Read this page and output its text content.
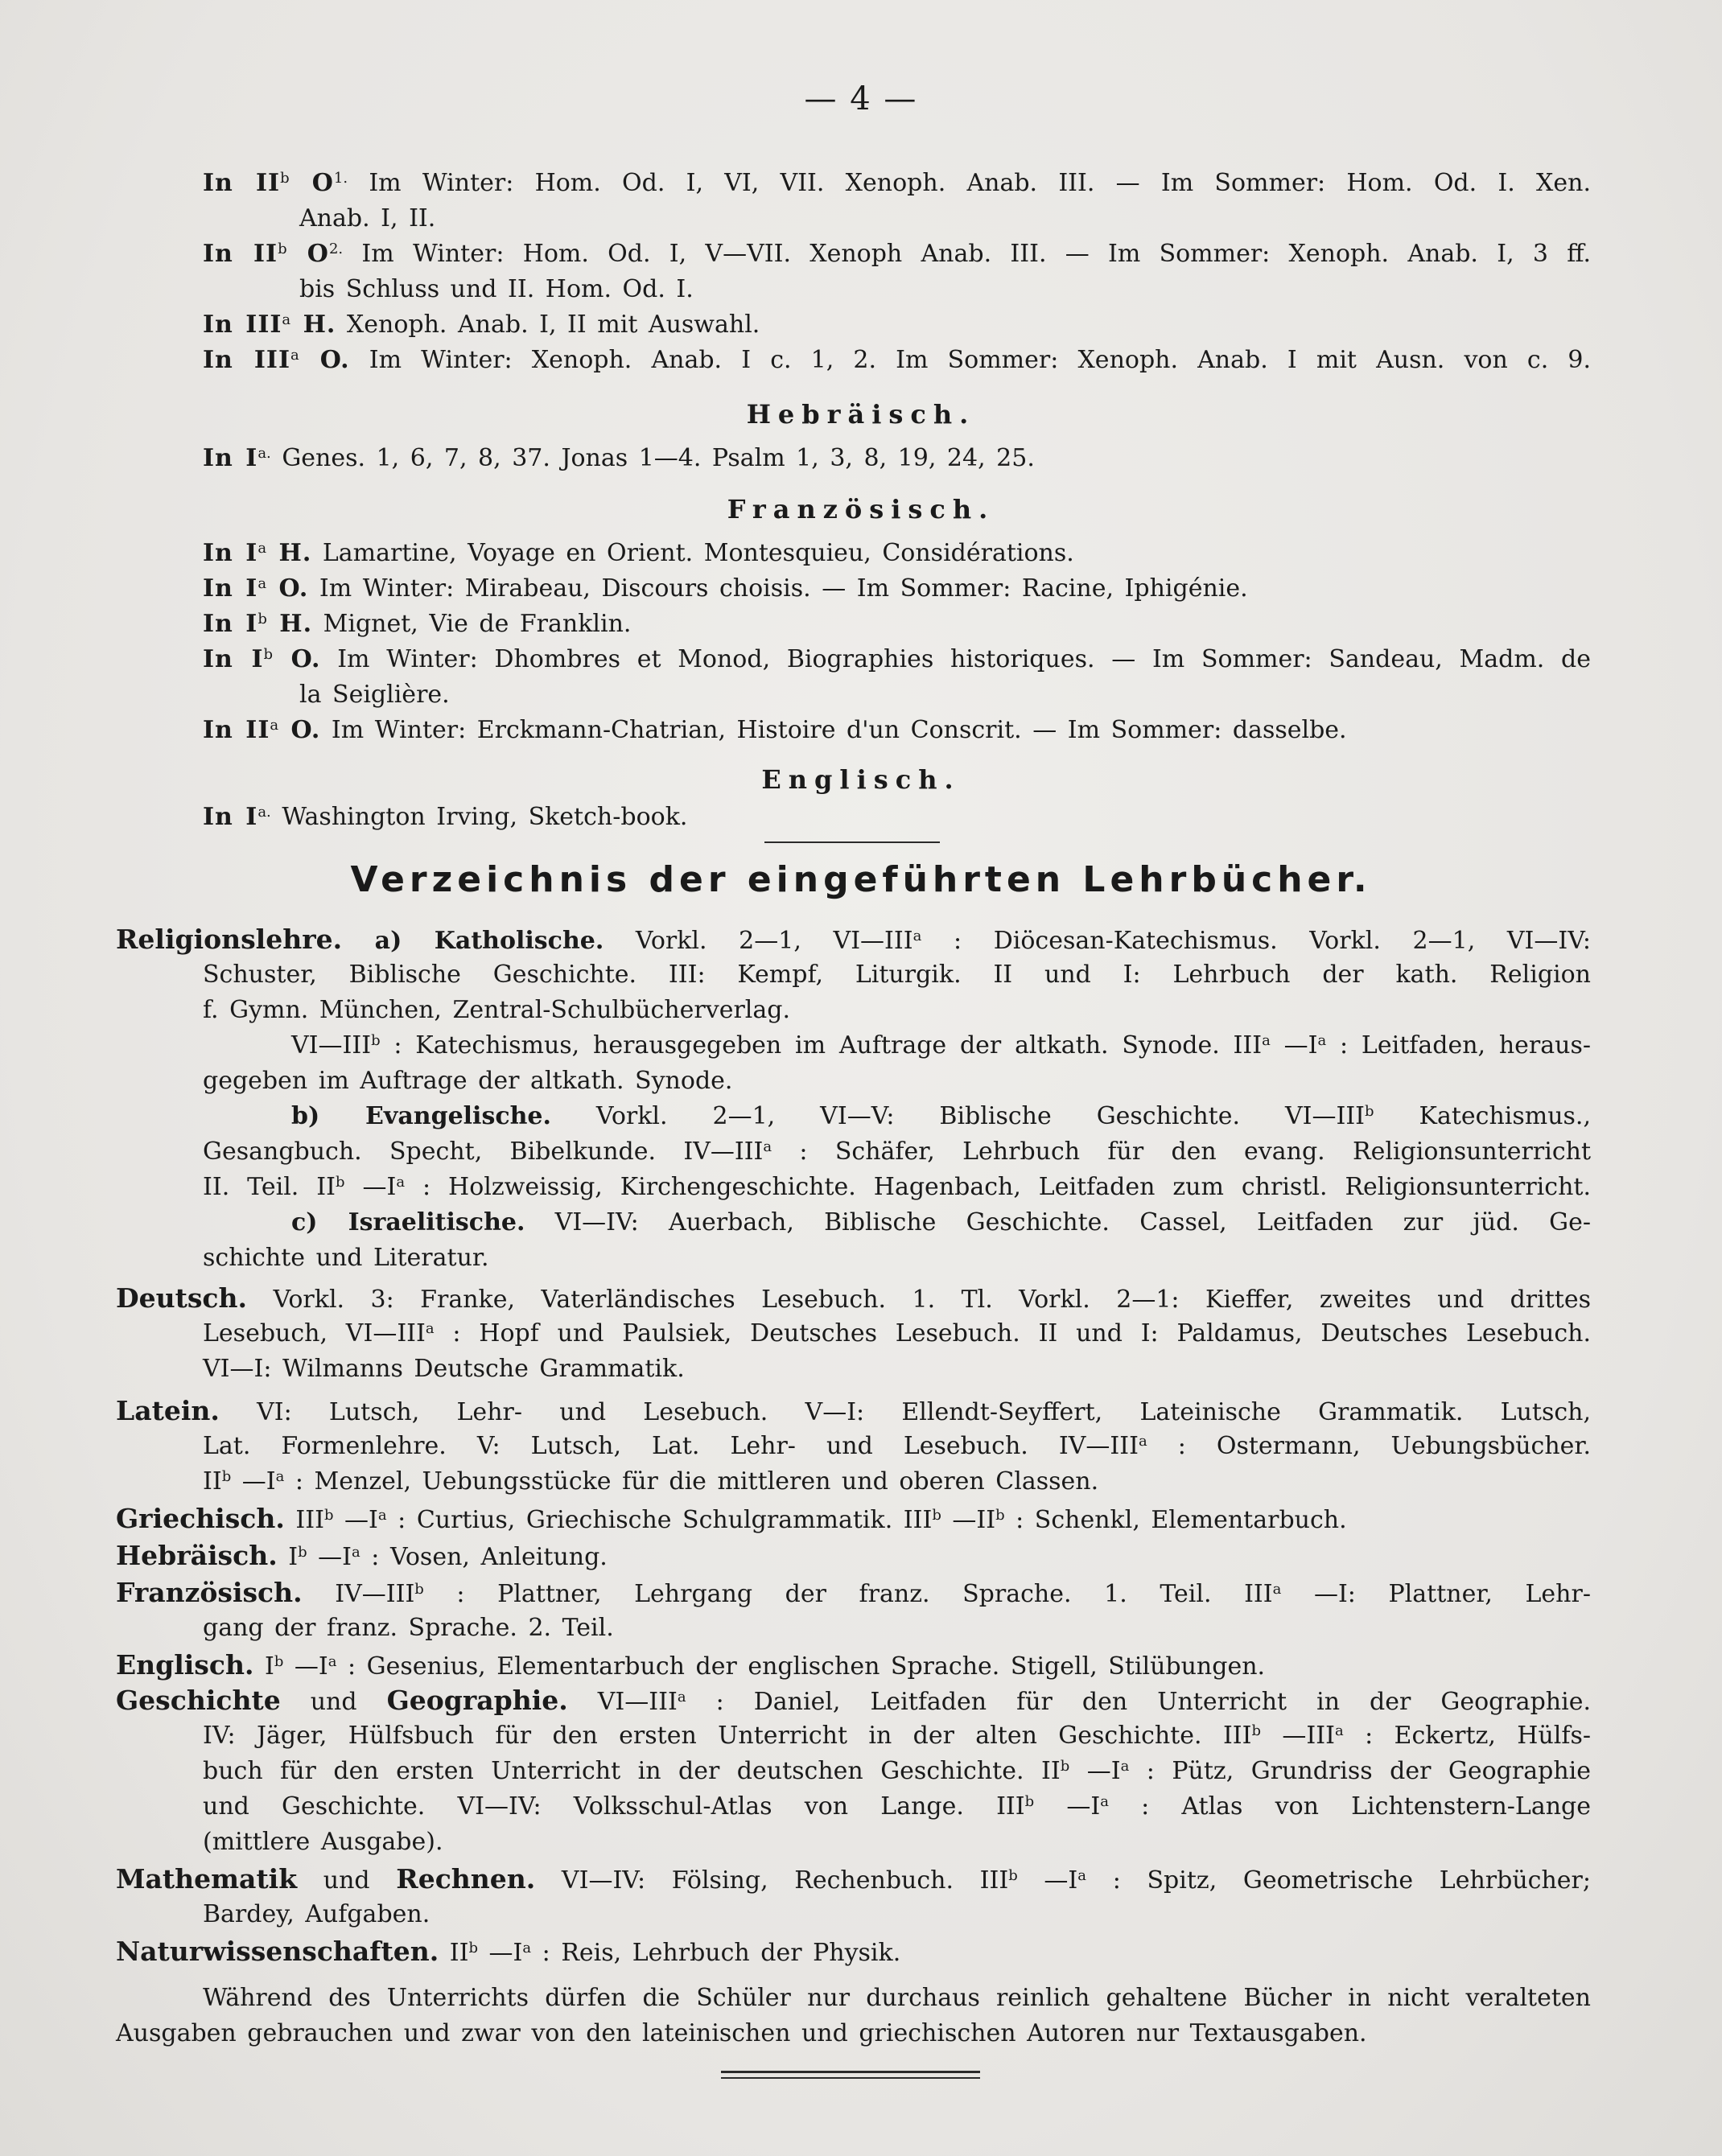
— 4 —
In $II^b$ $O^{1.}$ Im Winter: Hom. Od. I, VI, VII. Xenoph. Anab. III. — Im Sommer: Hom. Od. I. Xen.
Anab. I, II.
In $II^b$ $O^{2.}$ Im Winter: Hom. Od. I, V—VII. Xenoph Anab. III. — Im Sommer: Xenoph. Anab. I, 3 ff.
bis Schluss und II. Hom. Od. I.
In III$^a$ H. Xenoph. Anab. I, II mit Auswahl.
In III$^a$ O. Im Winter: Xenoph. Anab. I c. 1, 2. Im Sommer: Xenoph. Anab. I mit Ausn. von c. 9.
Hebräisch.
In $I^{a.}$ Genes. 1, 6, 7, 8, 37. Jonas 1—4. Psalm 1, 3, 8, 19, 24, 25.
Französisch.
In $I^a$ H. Lamartine, Voyage en Orient. Montesquieu, Considérations.
In $I^a$ O. Im Winter: Mirabeau, Discours choisis. — Im Sommer: Racine, Iphigénie.
In $I^b$ H. Mignet, Vie de Franklin.
In $I^b$ O. Im Winter: Dhombres et Monod, Biographies historiques. — Im Sommer: Sandeau, Madm. de
la Seiglière.
In $II^a$ O. Im Winter: Erckmann-Chatrian, Histoire d'un Conscrit. — Im Sommer: dasselbe.
Englisch.
In $I^{a.}$ Washington Irving, Sketch-book.
Verzeichnis der eingeführten Lehrbücher.
Religionslehre. a) Katholische. Vorkl. 2—1, VI—III$^a$ : Diöcesan-Katechismus. Vorkl. 2—1, VI—IV:
Schuster, Biblische Geschichte. III: Kempf, Liturgik. II und I: Lehrbuch der kath. Religion
f. Gymn. München, Zentral-Schulbücherverlag.
VI—III$^b$ : Katechismus, herausgegeben im Auftrage der altkath. Synode. III$^a$ $—I^a$ : Leitfaden, heraus-
gegeben im Auftrage der altkath. Synode.
b) Evangelische. Vorkl. 2—1, VI—V: Biblische Geschichte. VI—III$^b$ Katechismus.,
Gesangbuch. Specht, Bibelkunde. IV—III$^a$ : Schäfer, Lehrbuch für den evang. Religionsunterricht
II. Teil. $II^b$ $—I^a$ : Holzweissig, Kirchengeschichte. Hagenbach, Leitfaden zum christl. Religionsunterricht.
c) Israelitische. VI—IV: Auerbach, Biblische Geschichte. Cassel, Leitfaden zur jüd. Ge-
schichte und Literatur.
Deutsch. Vorkl. 3: Franke, Vaterländisches Lesebuch. 1. Tl. Vorkl. 2—1: Kieffer, zweites und drittes
Lesebuch, VI—III$^a$ : Hopf und Paulsiek, Deutsches Lesebuch. II und I: Paldamus, Deutsches Lesebuch.
VI—I: Wilmanns Deutsche Grammatik.
Latein. VI: Lutsch, Lehr- und Lesebuch. V—I: Ellendt-Seyffert, Lateinische Grammatik. Lutsch,
Lat. Formenlehre. V: Lutsch, Lat. Lehr- und Lesebuch. IV—III$^a$ : Ostermann, Uebungsbücher.
$II^b$ $—I^a$ : Menzel, Uebungsstücke für die mittleren und oberen Classen.
Griechisch. III$^b$ $—I^a$ : Curtius, Griechische Schulgrammatik. III$^b$ $—II^b$ : Schenkl, Elementarbuch.
Hebräisch. $I^b$ $—I^a$ : Vosen, Anleitung.
Französisch. IV—III$^b$ : Plattner, Lehrgang der franz. Sprache. 1. Teil. III$^a$ —I: Plattner, Lehr-
gang der franz. Sprache. 2. Teil.
Englisch. $I^b$ $—I^a$ : Gesenius, Elementarbuch der englischen Sprache. Stigell, Stilübungen.
Geschichte und Geographie. VI—III$^a$ : Daniel, Leitfaden für den Unterricht in der Geographie.
IV: Jäger, Hülfsbuch für den ersten Unterricht in der alten Geschichte. III$^b$ —III$^a$ : Eckertz, Hülfs-
buch für den ersten Unterricht in der deutschen Geschichte. $II^b$ $—I^a$ : Pütz, Grundriss der Geographie
und Geschichte. VI—IV: Volksschul-Atlas von Lange. III$^b$ $—I^a$ : Atlas von Lichtenstern-Lange
(mittlere Ausgabe).
Mathematik und Rechnen. VI—IV: Fölsing, Rechenbuch. III$^b$ $—I^a$ : Spitz, Geometrische Lehrbücher;
Bardey, Aufgaben.
Naturwissenschaften. $II^b$ $—I^a$ : Reis, Lehrbuch der Physik.
Während des Unterrichts dürfen die Schüler nur durchaus reinlich gehaltene Bücher in nicht veralteten
Ausgaben gebrauchen und zwar von den lateinischen und griechischen Autoren nur Textausgaben.
